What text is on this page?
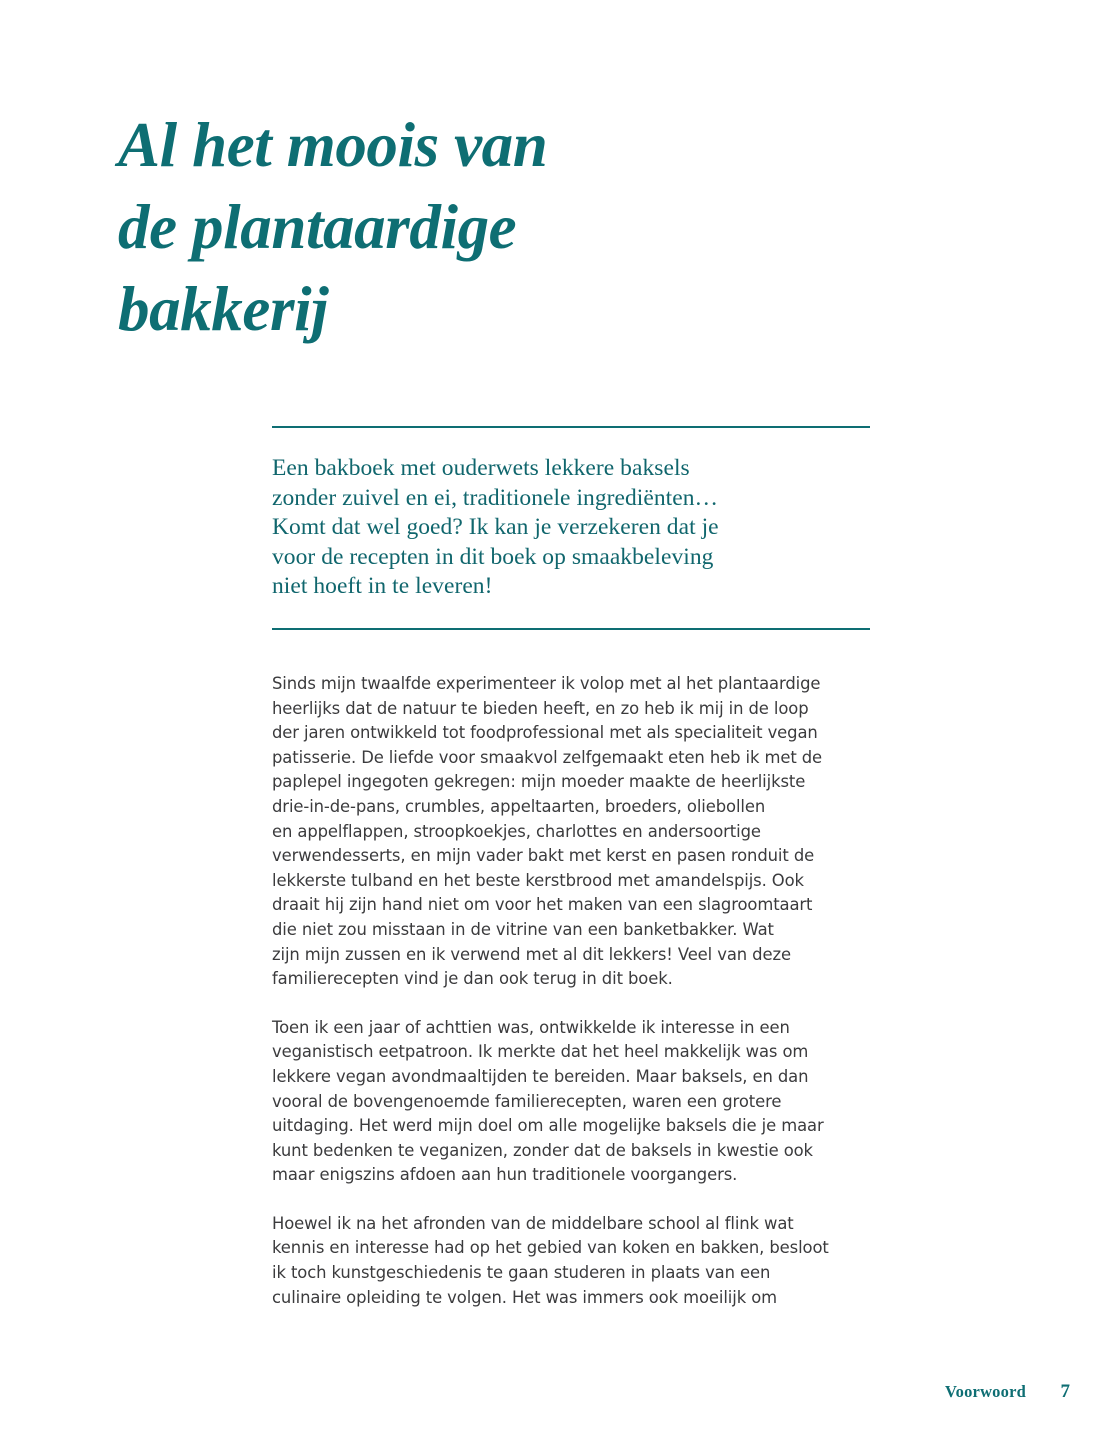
Al het moois van
de plantaardige
bakkerij
Een bakboek met ouderwets lekkere baksels
zonder zuivel en ei, traditionele ingrediënten…
Komt dat wel goed? Ik kan je verzekeren dat je
voor de recepten in dit boek op smaakbeleving
niet hoeft in te leveren!

Sinds mijn twaalfde experimenteer ik volop met al het plantaardige
heerlijks dat de natuur te bieden heeft, en zo heb ik mij in de loop
der jaren ontwikkeld tot foodprofessional met als specialiteit vegan
patisserie. De liefde voor smaakvol zelfgemaakt eten heb ik met de
paplepel ingegoten gekregen: mijn moeder maakte de heerlijkste
drie-in-de-pans, crumbles, appeltaarten, broeders, oliebollen
en appelflappen, stroopkoekjes, charlottes en andersoortige
verwendesserts, en mijn vader bakt met kerst en pasen ronduit de
lekkerste tulband en het beste kerstbrood met amandelspijs. Ook
draait hij zijn hand niet om voor het maken van een slagroomtaart
die niet zou misstaan in de vitrine van een banketbakker. Wat
zijn mijn zussen en ik verwend met al dit lekkers! Veel van deze
familierecepten vind je dan ook terug in dit boek.

Toen ik een jaar of achttien was, ontwikkelde ik interesse in een
veganistisch eetpatroon. Ik merkte dat het heel makkelijk was om
lekkere vegan avondmaaltijden te bereiden. Maar baksels, en dan
vooral de bovengenoemde familierecepten, waren een grotere
uitdaging. Het werd mijn doel om alle mogelijke baksels die je maar
kunt bedenken te veganizen, zonder dat de baksels in kwestie ook
maar enigszins afdoen aan hun traditionele voorgangers.

Hoewel ik na het afronden van de middelbare school al flink wat
kennis en interesse had op het gebied van koken en bakken, besloot
ik toch kunstgeschiedenis te gaan studeren in plaats van een
culinaire opleiding te volgen. Het was immers ook moeilijk om

Voorwoord 7
